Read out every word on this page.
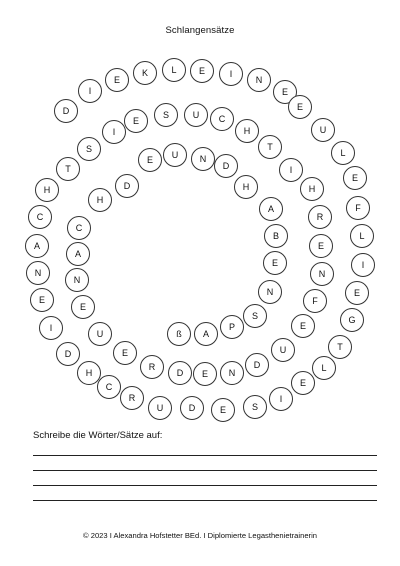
Schlangensätze
D
I
E
K	L	E	I
N
E
E
U
L
E
F
L
I
E
G
T
L
E
I
S
E
D
U
R
C
H
D
I
E
N
A
C
H
T
S
I
E
S	U	C
H
T
I
H
R
E
N
F
E
U
D
N
E
D
R
E
U
E
N
A
C
H
D
E	U	N
D
H
A
B
E
N
S
P
A
ß
Schreibe die Wörter/Sätze auf:
© 2023 I Alexandra Hofstetter BEd. I Diplomierte Legasthenietrainerin
